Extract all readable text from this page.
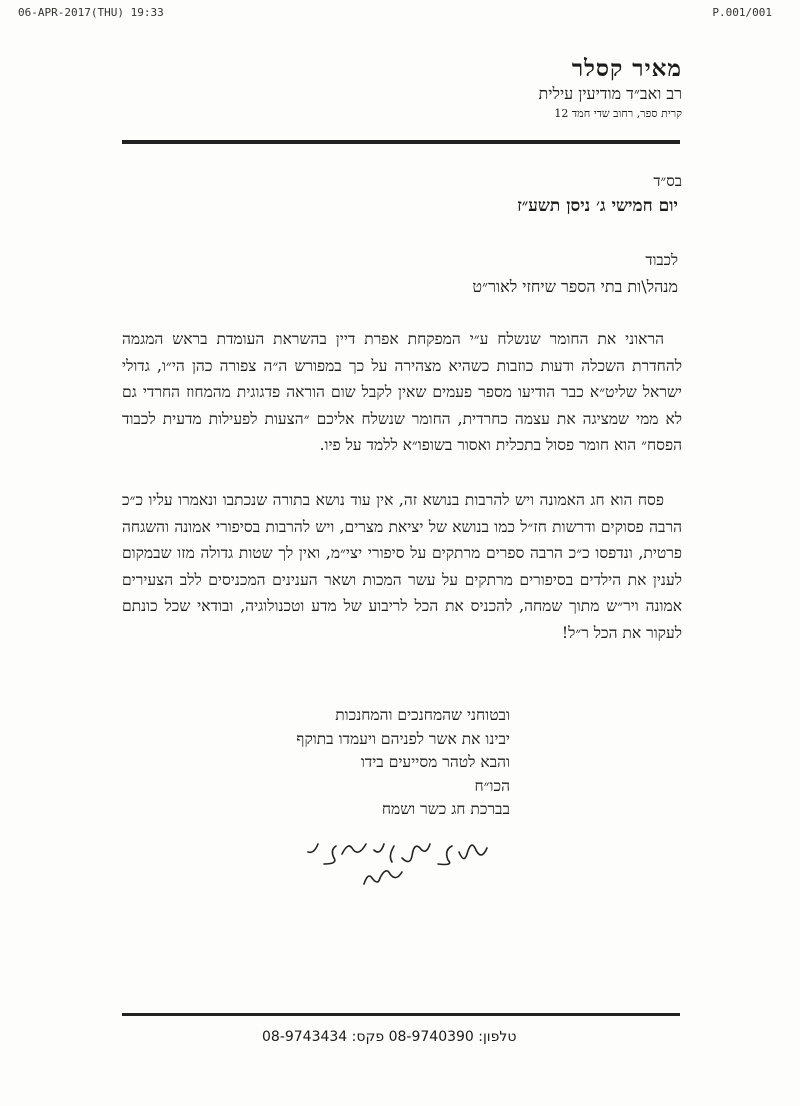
06-APR-2017(THU) 19:33	P.001/001
מאיר קסלר
רב ואב״ד מודיעין עילית
קרית ספר, רחוב שדי חמד 12
בס״ד
יום חמישי ג׳ ניסן תשע״ז
לכבוד
מנהל\ות בתי הספר שיחזי לאור״ט
הראוני את החומר שנשלח ע״י המפקחת אפרת דיין בהשראת העומדת בראש המגמה להחדרת השכלה ודעות כוזבות כשהיא מצהירה על כך במפורש ה״ה צפורה כהן הי״ו, גדולי ישראל שליט״א כבר הודיעו מספר פעמים שאין לקבל שום הוראה פדגוגית מהמחוז החרדי גם לא ממי שמציגה את עצמה כחרדית, החומר שנשלח אליכם ״הצעות לפעילות מדעית לכבוד הפסח״ הוא חומר פסול בתכלית ואסור בשופו״א ללמד על פיו.
פסח הוא חג האמונה ויש להרבות בנושא זה, אין עוד נושא בתורה שנכתבו ונאמרו עליו כ״כ הרבה פסוקים ודרשות חז״ל כמו בנושא של יציאת מצרים, ויש להרבות בסיפורי אמונה והשגחה פרטית, ונדפסו כ״כ הרבה ספרים מרתקים על סיפורי יצי״מ, ואין לך שטות גדולה מזו שבמקום לענין את הילדים בסיפורים מרתקים על עשר המכות ושאר הענינים המכניסים ללב הצעירים אמונה ויר״ש מתוך שמחה, להכניס את הכל לריבוע של מדע וטכנולוגיה, ובודאי שכל כונתם לעקור את הכל ר״ל!
ובטוחני שהמחנכים והמחנכות
יבינו את אשר לפניהם ויעמדו בתוקף
והבא לטהר מסייעים בידו
הכו״ח
בברכת חג כשר ושמח
טלפון: 08-9740390 פקס: 08-9743434
